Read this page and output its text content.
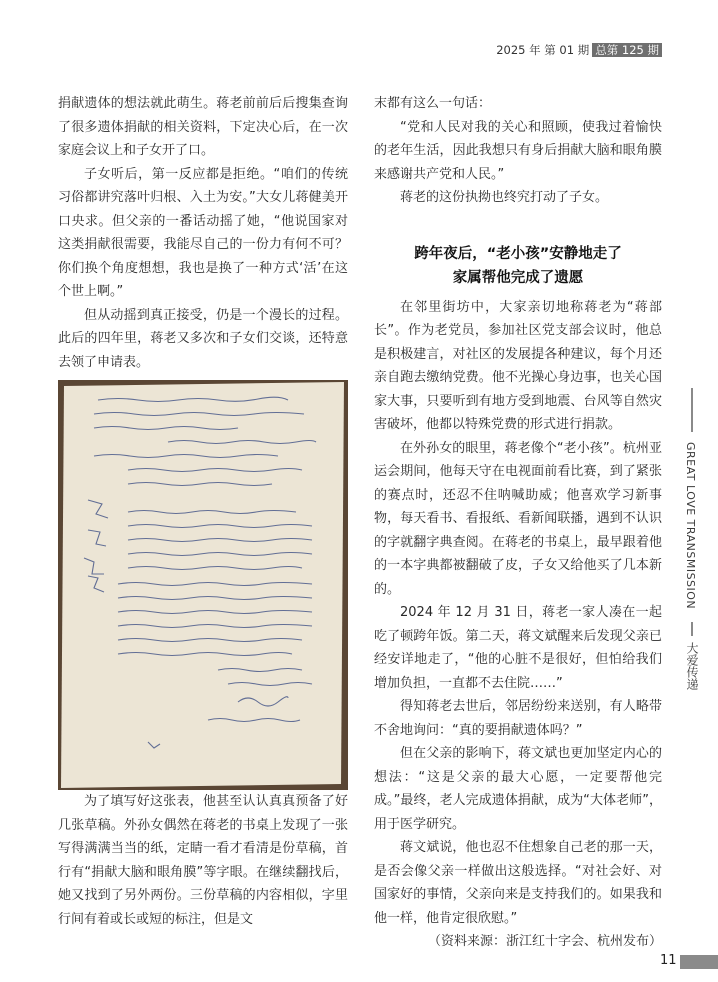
2025 年 第 01 期 总第 125 期

捐献遗体的想法就此萌生。蒋老前前后后搜集查询了很多遗体捐献的相关资料，下定决心后，在一次家庭会议上和子女开了口。

子女听后，第一反应都是拒绝。“咱们的传统习俗都讲究落叶归根、入土为安。”大女儿蒋健美开口央求。但父亲的一番话动摇了她，“他说国家对这类捐献很需要，我能尽自己的一份力有何不可？你们换个角度想想，我也是换了一种方式‘活’在这个世上啊。”

但从动摇到真正接受，仍是一个漫长的过程。此后的四年里，蒋老又多次和子女们交谈，还特意去领了申请表。

为了填写好这张表，他甚至认认真真预备了好几张草稿。外孙女偶然在蒋老的书桌上发现了一张写得满满当当的纸，定睛一看才看清是份草稿，首行有“捐献大脑和眼角膜”等字眼。在继续翻找后，她又找到了另外两份。三份草稿的内容相似，字里行间有着或长或短的标注，但是文

末都有这么一句话：

“党和人民对我的关心和照顾，使我过着愉快的老年生活，因此我想只有身后捐献大脑和眼角膜来感谢共产党和人民。”

蒋老的这份执拗也终究打动了子女。

跨年夜后，“老小孩”安静地走了
家属帮他完成了遗愿

在邻里街坊中，大家亲切地称蒋老为“蒋部长”。作为老党员，参加社区党支部会议时，他总是积极建言，对社区的发展提各种建议，每个月还亲自跑去缴纳党费。他不光操心身边事，也关心国家大事，只要听到有地方受到地震、台风等自然灾害破坏，他都以特殊党费的形式进行捐款。

在外孙女的眼里，蒋老像个“老小孩”。杭州亚运会期间，他每天守在电视面前看比赛，到了紧张的赛点时，还忍不住呐喊助威；他喜欢学习新事物，每天看书、看报纸、看新闻联播，遇到不认识的字就翻字典查阅。在蒋老的书桌上，最早跟着他的一本字典都被翻破了皮，子女又给他买了几本新的。

2024 年 12 月 31 日，蒋老一家人凑在一起吃了顿跨年饭。第二天，蒋文斌醒来后发现父亲已经安详地走了，“他的心脏不是很好，但怕给我们增加负担，一直都不去住院……”

得知蒋老去世后，邻居纷纷来送别，有人略带不舍地询问：“真的要捐献遗体吗？”

但在父亲的影响下，蒋文斌也更加坚定内心的想法：“这是父亲的最大心愿，一定要帮他完成。”最终，老人完成遗体捐献，成为“大体老师”，用于医学研究。

蒋文斌说，他也忍不住想象自己老的那一天，是否会像父亲一样做出这般选择。“对社会好、对国家好的事情，父亲向来是支持我们的。如果我和他一样，他肯定很欣慰。”

（资料来源：浙江红十字会、杭州发布）

GREAT LOVE TRANSMISSION
大爱传递
11
